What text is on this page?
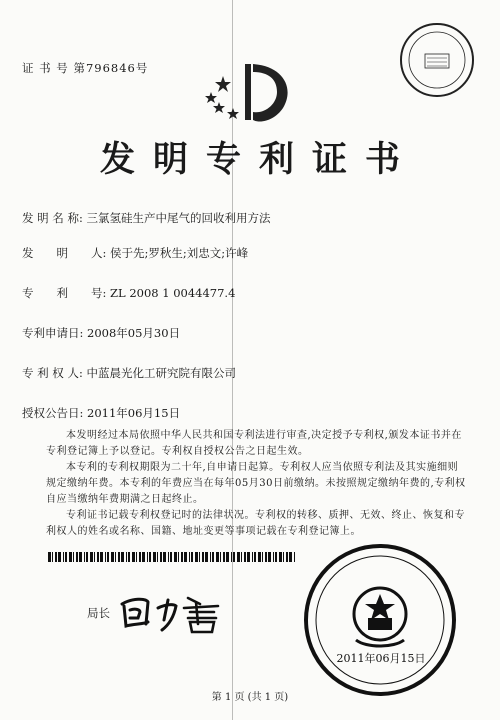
证 书 号 第796846号
发明专利证书
发 明 名 称: 三氯氢硅生产中尾气的回收利用方法
发　　明　　人: 侯于先;罗秋生;刘忠文;许峰
专　　利　　号: ZL 2008 1 0044477.4
专利申请日: 2008年05月30日
专 利 权 人: 中蓝晨光化工研究院有限公司
授权公告日: 2011年06月15日

本发明经过本局依照中华人民共和国专利法进行审查,决定授予专利权,颁发本证书并在专利登记簿上予以登记。专利权自授权公告之日起生效。

本专利的专利权期限为二十年,自申请日起算。专利权人应当依照专利法及其实施细则规定缴纳年费。本专利的年费应当在每年05月30日前缴纳。未按照规定缴纳年费的,专利权自应当缴纳年费期满之日起终止。

专利证书记载专利权登记时的法律状况。专利权的转移、质押、无效、终止、恢复和专利权人的姓名或名称、国籍、地址变更等事项记载在专利登记簿上。

局长
2011年06月15日
第 1 页 (共 1 页)
